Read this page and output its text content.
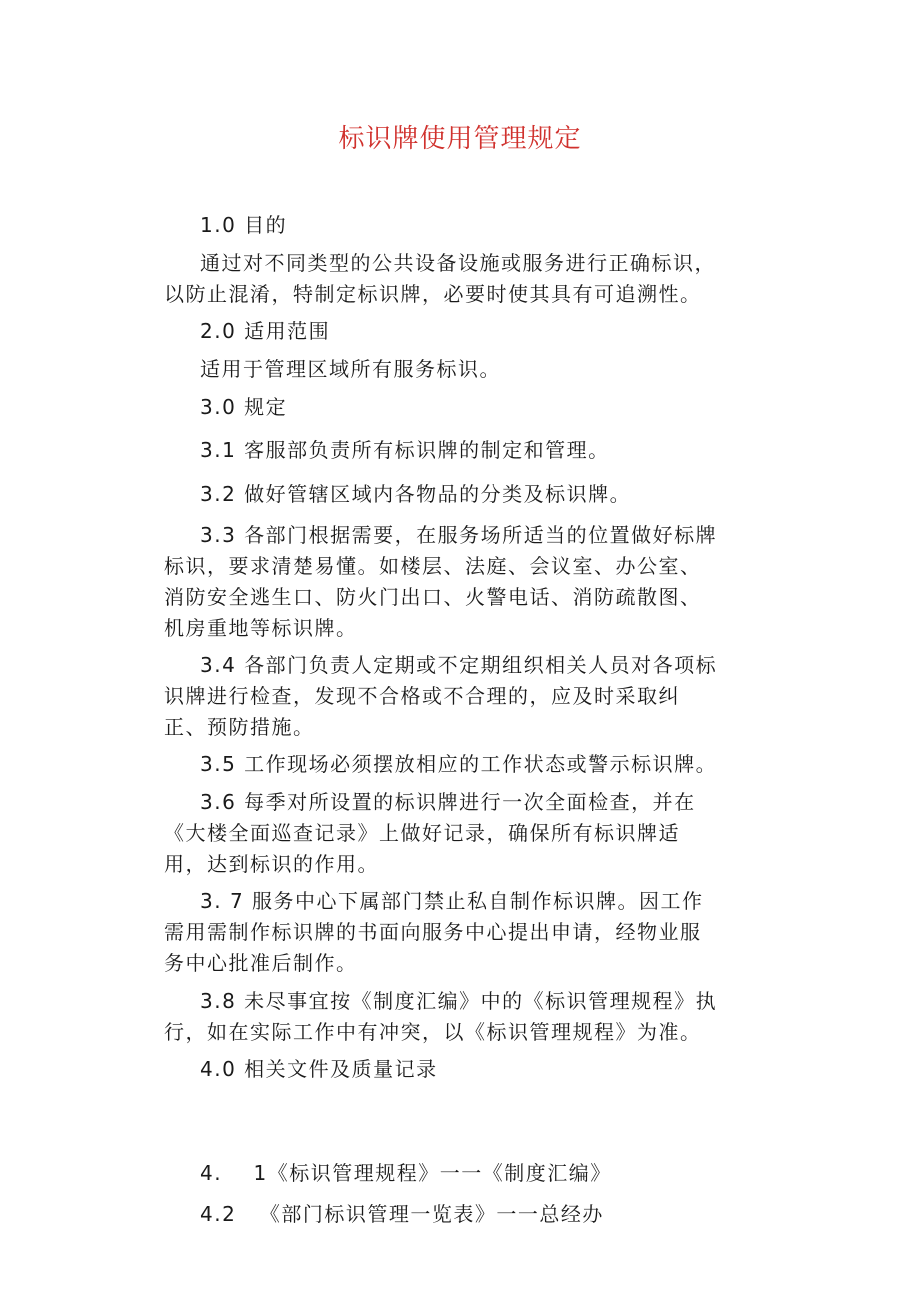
标识牌使用管理规定

1.0 目的

通过对不同类型的公共设备设施或服务进行正确标识，
以防止混淆，特制定标识牌，必要时使其具有可追溯性。

2.0 适用范围

适用于管理区域所有服务标识。

3.0 规定

3.1 客服部负责所有标识牌的制定和管理。

3.2 做好管辖区域内各物品的分类及标识牌。

3.3 各部门根据需要，在服务场所适当的位置做好标牌
标识，要求清楚易懂。如楼层、法庭、会议室、办公室、
消防安全逃生口、防火门出口、火警电话、消防疏散图、
机房重地等标识牌。

3.4 各部门负责人定期或不定期组织相关人员对各项标
识牌进行检查，发现不合格或不合理的，应及时采取纠
正、预防措施。

3.5 工作现场必须摆放相应的工作状态或警示标识牌。

3.6 每季对所设置的标识牌进行一次全面检查，并在
《大楼全面巡查记录》上做好记录，确保所有标识牌适
用，达到标识的作用。

3. 7 服务中心下属部门禁止私自制作标识牌。因工作
需用需制作标识牌的书面向服务中心提出申请，经物业服
务中心批准后制作。

3.8 未尽事宜按《制度汇编》中的《标识管理规程》执
行，如在实际工作中有冲突，以《标识管理规程》为准。

4.0 相关文件及质量记录

4.    1《标识管理规程》一一《制度汇编》

4.2   《部门标识管理一览表》一一总经办
